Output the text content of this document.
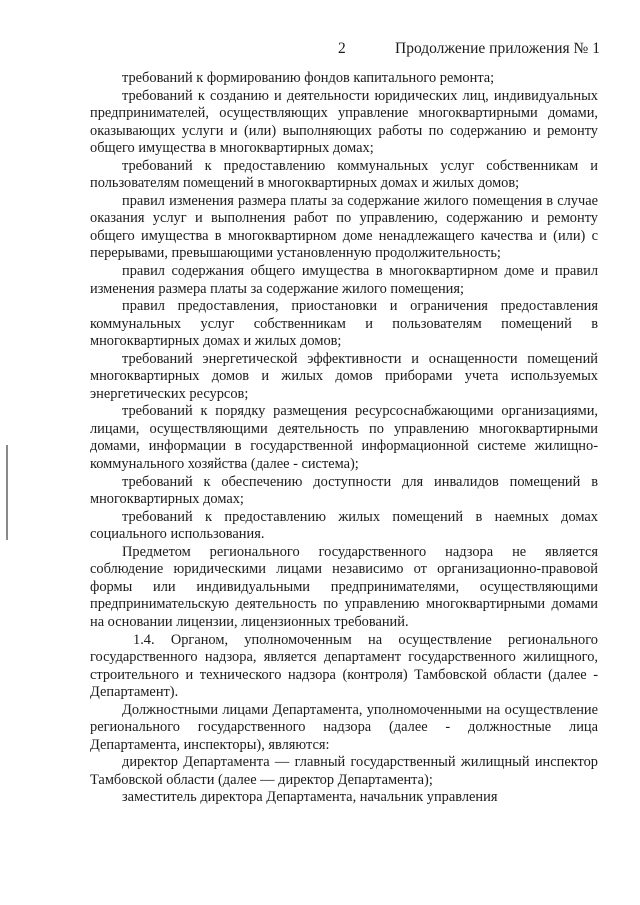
2	Продолжение приложения № 1

требований к формированию фондов капитального ремонта;

требований к созданию и деятельности юридических лиц, индивидуальных предпринимателей, осуществляющих управление многоквартирными домами, оказывающих услуги и (или) выполняющих работы по содержанию и ремонту общего имущества в многоквартирных домах;

требований к предоставлению коммунальных услуг собственникам и пользователям помещений в многоквартирных домах и жилых домов;

правил изменения размера платы за содержание жилого помещения в случае оказания услуг и выполнения работ по управлению, содержанию и ремонту общего имущества в многоквартирном доме ненадлежащего качества и (или) с перерывами, превышающими установленную продолжительность;

правил содержания общего имущества в многоквартирном доме и правил изменения размера платы за содержание жилого помещения;

правил предоставления, приостановки и ограничения предоставления коммунальных услуг собственникам и пользователям помещений в многоквартирных домах и жилых домов;

требований энергетической эффективности и оснащенности помещений многоквартирных домов и жилых домов приборами учета используемых энергетических ресурсов;

требований к порядку размещения ресурсоснабжающими организациями, лицами, осуществляющими деятельность по управлению многоквартирными домами, информации в государственной информационной системе жилищно-коммунального хозяйства (далее - система);

требований к обеспечению доступности для инвалидов помещений в многоквартирных домах;

требований к предоставлению жилых помещений в наемных домах социального использования.

Предметом регионального государственного надзора не является соблюдение юридическими лицами независимо от организационно-правовой формы или индивидуальными предпринимателями, осуществляющими предпринимательскую деятельность по управлению многоквартирными домами на основании лицензии, лицензионных требований.

1.4. Органом, уполномоченным на осуществление регионального государственного надзора, является департамент государственного жилищного, строительного и технического надзора (контроля) Тамбовской области (далее - Департамент).

Должностными лицами Департамента, уполномоченными на осуществление регионального государственного надзора (далее - должностные лица Департамента, инспекторы), являются:

директор Департамента — главный государственный жилищный инспектор Тамбовской области (далее — директор Департамента);

заместитель директора Департамента, начальник управления
